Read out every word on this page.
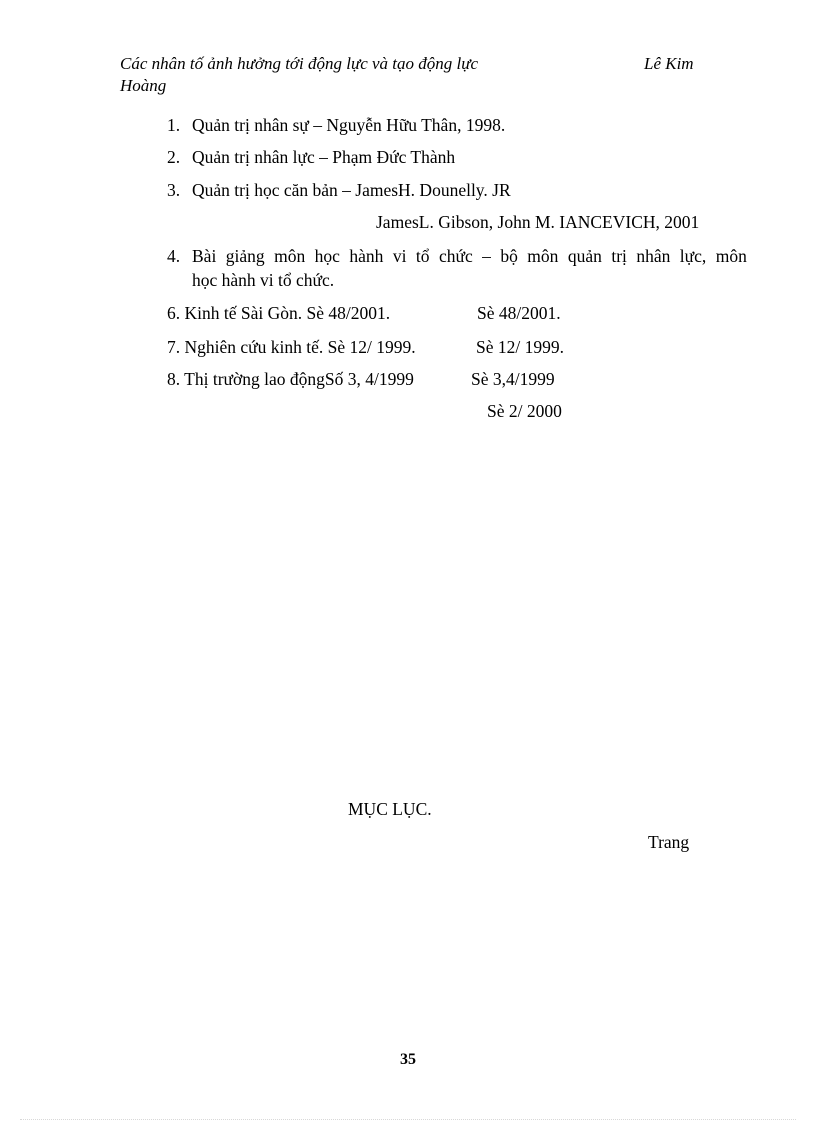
Các nhân tố ảnh hưởng tới động lực và tạo động lực	Lê Kim
Hoàng
1. Quản trị nhân sự – Nguyễn Hữu Thân, 1998.
2. Quản trị nhân lực – Phạm Đức Thành
3. Quản trị học căn bản – JamesH. Dounelly. JR
JamesL. Gibson, John M. IANCEVICH, 2001
4. Bài giảng môn học hành vi tổ chức – bộ môn quản trị nhân lực, môn
học hành vi tổ chức.
6. Kinh tế Sài Gòn. Sè 48/2001.	Sè 48/2001.
7. Nghiên cứu kinh tế. Sè 12/ 1999.	Sè 12/ 1999.
8. Thị trường lao độngSố 3, 4/1999	Sè 3,4/1999
Sè 2/ 2000
MỤC LỤC.
Trang
35
